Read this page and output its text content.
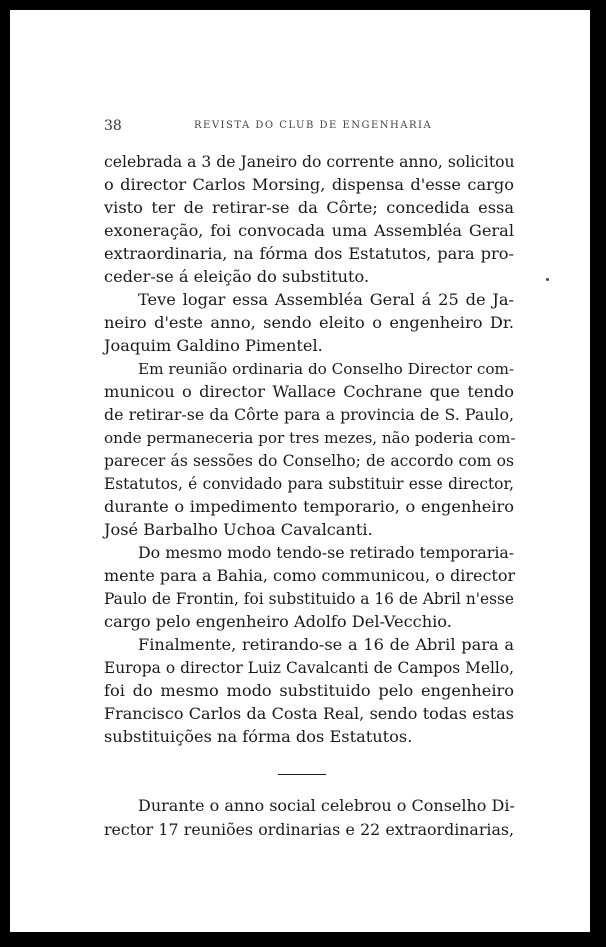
38	REVISTA DO CLUB DE ENGENHARIA
celebrada a 3 de Janeiro do corrente anno, solicitou
o director Carlos Morsing, dispensa d'esse cargo
visto ter de retirar-se da Côrte; concedida essa
exoneração, foi convocada uma Assembléa Geral
extraordinaria, na fórma dos Estatutos, para pro-
ceder-se á eleição do substituto.
Teve logar essa Assembléa Geral á 25 de Ja-
neiro d'este anno, sendo eleito o engenheiro Dr.
Joaquim Galdino Pimentel.
Em reunião ordinaria do Conselho Director com-
municou o director Wallace Cochrane que tendo
de retirar-se da Côrte para a provincia de S. Paulo,
onde permaneceria por tres mezes, não poderia com-
parecer ás sessões do Conselho; de accordo com os
Estatutos, é convidado para substituir esse director,
durante o impedimento temporario, o engenheiro
José Barbalho Uchoa Cavalcanti.
Do mesmo modo tendo-se retirado temporaria-
mente para a Bahia, como communicou, o director
Paulo de Frontin, foi substituido a 16 de Abril n'esse
cargo pelo engenheiro Adolfo Del-Vecchio.
Finalmente, retirando-se a 16 de Abril para a
Europa o director Luiz Cavalcanti de Campos Mello,
foi do mesmo modo substituido pelo engenheiro
Francisco Carlos da Costa Real, sendo todas estas
substituições na fórma dos Estatutos.
Durante o anno social celebrou o Conselho Di-
rector 17 reuniões ordinarias e 22 extraordinarias,
